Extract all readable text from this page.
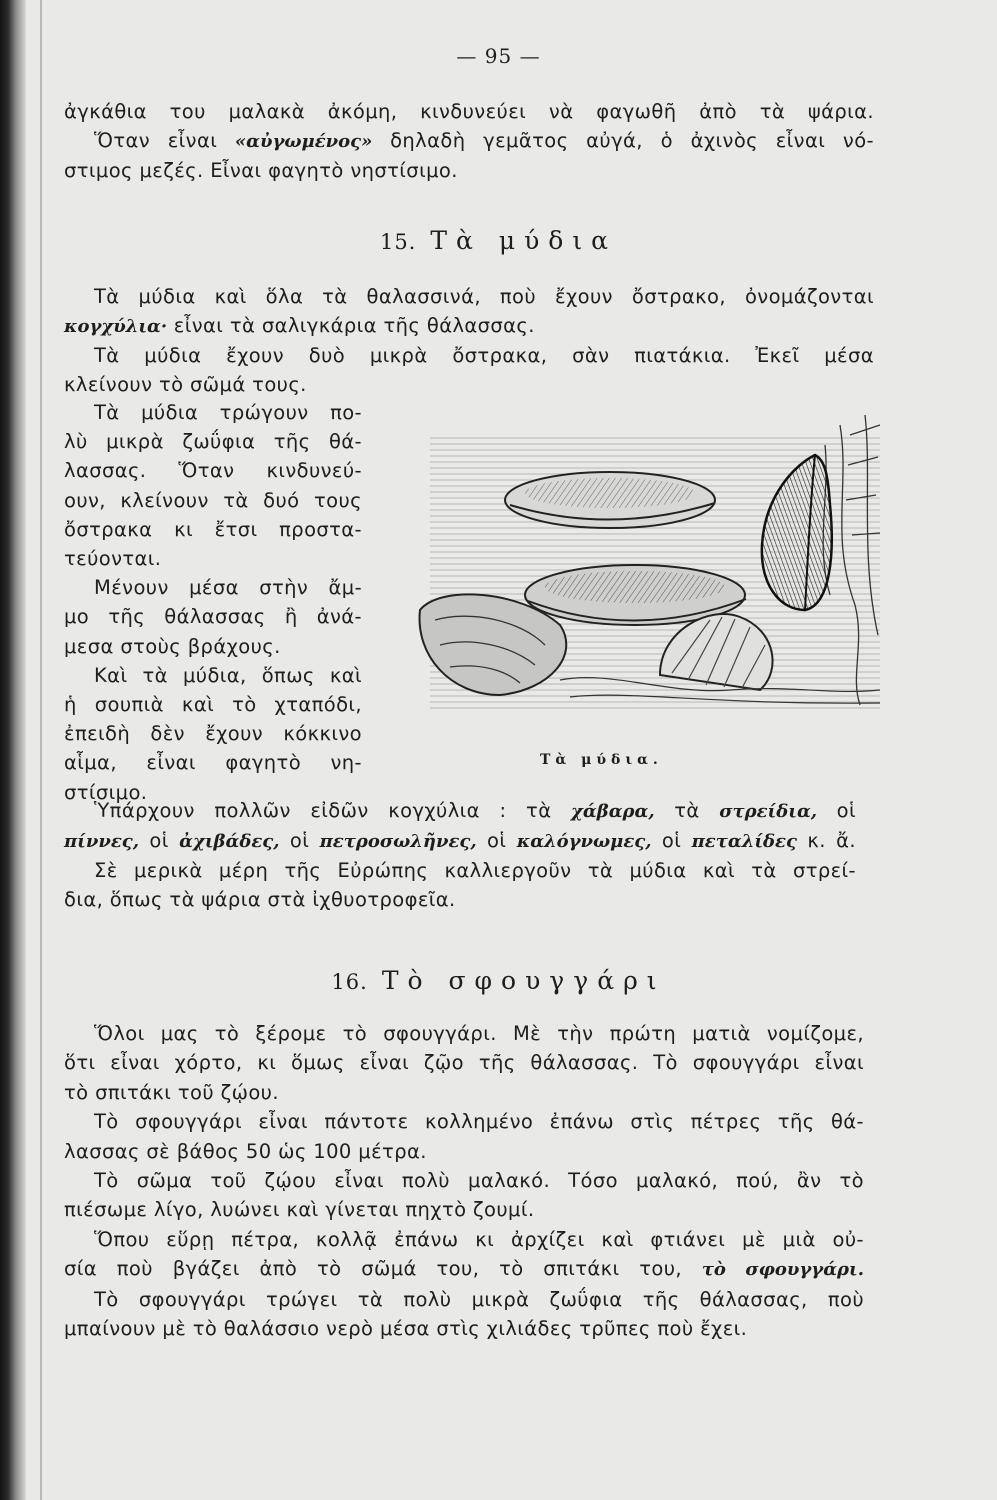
— 95 —
ἀγκάθια του μαλακὰ ἀκόμη, κινδυνεύει νὰ φαγωθῆ ἀπὸ τὰ ψάρια.
Ὅταν εἶναι «αὐγωμένος» δηλαδὴ γεμᾶτος αὐγά, ὁ ἀχινὸς εἶναι νό-
στιμος μεζές. Εἶναι φαγητὸ νηστίσιμο.
15. Τὰ μύδια
Τὰ μύδια καὶ ὅλα τὰ θαλασσινά, ποὺ ἔχουν ὄστρακο, ὀνομάζονται
κογχύλια· εἶναι τὰ σαλιγκάρια τῆς θάλασσας.
Τὰ μύδια ἔχουν δυὸ μικρὰ ὄστρακα, σὰν πιατάκια. Ἐκεῖ μέσα
κλείνουν τὸ σῶμά τους.
Τὰ μύδια τρώγουν πο-
λὺ μικρὰ ζωΰφια τῆς θά-
λασσας. Ὅταν κινδυνεύ-
ουν, κλείνουν τὰ δυό τους
ὄστρακα κι ἔτσι προστα-
τεύονται.
Μένουν μέσα στὴν ἄμ-
μο τῆς θάλασσας ἢ ἀνά-
μεσα στοὺς βράχους.
Καὶ τὰ μύδια, ὅπως καὶ
ἡ σουπιὰ καὶ τὸ χταπόδι,
ἐπειδὴ δὲν ἔχουν κόκκινο
αἷμα, εἶναι φαγητὸ νη-
στίσιμο.
Τὰ μύδια.
Ὑπάρχουν πολλῶν εἰδῶν κογχύλια : τὰ χάβαρα, τὰ στρείδια, οἱ
πίννες, οἱ ἀχιβάδες, οἱ πετροσωλῆνες, οἱ καλόγνωμες, οἱ πεταλίδες κ. ἄ.
Σὲ μερικὰ μέρη τῆς Εὐρώπης καλλιεργοῦν τὰ μύδια καὶ τὰ στρεί-
δια, ὅπως τὰ ψάρια στὰ ἰχθυοτροφεῖα.
16. Τὸ σφουγγάρι
Ὅλοι μας τὸ ξέρομε τὸ σφουγγάρι. Μὲ τὴν πρώτη ματιὰ νομίζομε,
ὅτι εἶναι χόρτο, κι ὅμως εἶναι ζῷο τῆς θάλασσας. Τὸ σφουγγάρι εἶναι
τὸ σπιτάκι τοῦ ζῴου.
Τὸ σφουγγάρι εἶναι πάντοτε κολλημένο ἐπάνω στὶς πέτρες τῆς θά-
λασσας σὲ βάθος 50 ὡς 100 μέτρα.
Τὸ σῶμα τοῦ ζῴου εἶναι πολὺ μαλακό. Τόσο μαλακό, πού, ἂν τὸ
πιέσωμε λίγο, λυώνει καὶ γίνεται πηχτὸ ζουμί.
Ὅπου εὕρῃ πέτρα, κολλᾷ ἐπάνω κι ἀρχίζει καὶ φτιάνει μὲ μιὰ οὐ-
σία ποὺ βγάζει ἀπὸ τὸ σῶμά του, τὸ σπιτάκι του, τὸ σφουγγάρι.
Τὸ σφουγγάρι τρώγει τὰ πολὺ μικρὰ ζωΰφια τῆς θάλασσας, ποὺ
μπαίνουν μὲ τὸ θαλάσσιο νερὸ μέσα στὶς χιλιάδες τρῦπες ποὺ ἔχει.
